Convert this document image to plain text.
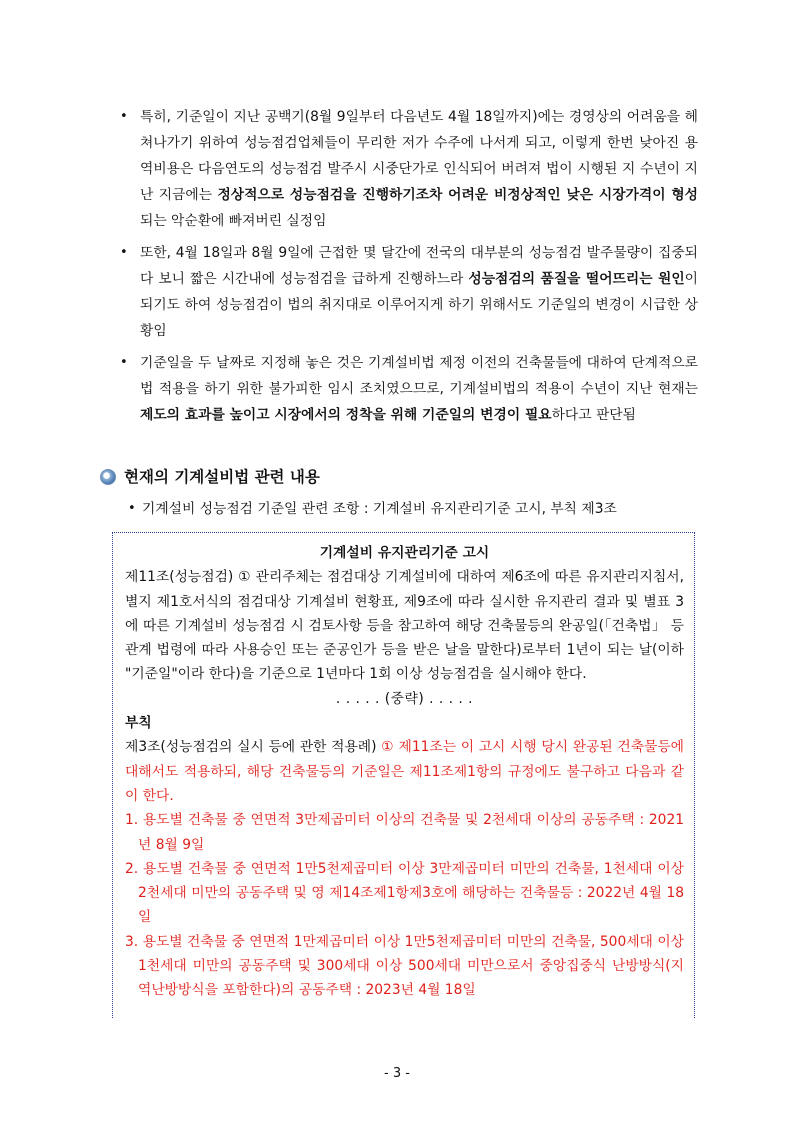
• 특히, 기준일이 지난 공백기(8월 9일부터 다음년도 4월 18일까지)에는 경영상의 어려움을 헤쳐나가기 위하여 성능점검업체들이 무리한 저가 수주에 나서게 되고, 이렇게 한번 낮아진 용역비용은 다음연도의 성능점검 발주시 시중단가로 인식되어 버려져 법이 시행된 지 수년이 지난 지금에는 정상적으로 성능점검을 진행하기조차 어려운 비정상적인 낮은 시장가격이 형성되는 악순환에 빠져버린 실정임
• 또한, 4월 18일과 8월 9일에 근접한 몇 달간에 전국의 대부분의 성능점검 발주물량이 집중되다 보니 짧은 시간내에 성능점검을 급하게 진행하느라 성능점검의 품질을 떨어뜨리는 원인이 되기도 하여 성능점검이 법의 취지대로 이루어지게 하기 위해서도 기준일의 변경이 시급한 상황임
• 기준일을 두 날짜로 지정해 놓은 것은 기계설비법 제정 이전의 건축물들에 대하여 단계적으로 법 적용을 하기 위한 불가피한 임시 조치였으므로, 기계설비법의 적용이 수년이 지난 현재는 제도의 효과를 높이고 시장에서의 정착을 위해 기준일의 변경이 필요하다고 판단됨
현재의 기계설비법 관련 내용
• 기계설비 성능점검 기준일 관련 조항 : 기계설비 유지관리기준 고시, 부칙 제3조
기계설비 유지관리기준 고시
제11조(성능점검) ① 관리주체는 점검대상 기계설비에 대하여 제6조에 따른 유지관리지침서, 별지 제1호서식의 점검대상 기계설비 현황표, 제9조에 따라 실시한 유지관리 결과 및 별표 3에 따른 기계설비 성능점검 시 검토사항 등을 참고하여 해당 건축물등의 완공일(「건축법」 등 관계 법령에 따라 사용승인 또는 준공인가 등을 받은 날을 말한다)로부터 1년이 되는 날(이하 "기준일"이라 한다)을 기준으로 1년마다 1회 이상 성능점검을 실시해야 한다.
. . . . . (중략) . . . . .
부칙
제3조(성능점검의 실시 등에 관한 적용례) ① 제11조는 이 고시 시행 당시 완공된 건축물등에 대해서도 적용하되, 해당 건축물등의 기준일은 제11조제1항의 규정에도 불구하고 다음과 같이 한다.
1. 용도별 건축물 중 연면적 3만제곱미터 이상의 건축물 및 2천세대 이상의 공동주택 : 2021년 8월 9일
2. 용도별 건축물 중 연면적 1만5천제곱미터 이상 3만제곱미터 미만의 건축물, 1천세대 이상 2천세대 미만의 공동주택 및 영 제14조제1항제3호에 해당하는 건축물등 : 2022년 4월 18일
3. 용도별 건축물 중 연면적 1만제곱미터 이상 1만5천제곱미터 미만의 건축물, 500세대 이상 1천세대 미만의 공동주택 및 300세대 이상 500세대 미만으로서 중앙집중식 난방방식(지역난방방식을 포함한다)의 공동주택 : 2023년 4월 18일
- 3 -
